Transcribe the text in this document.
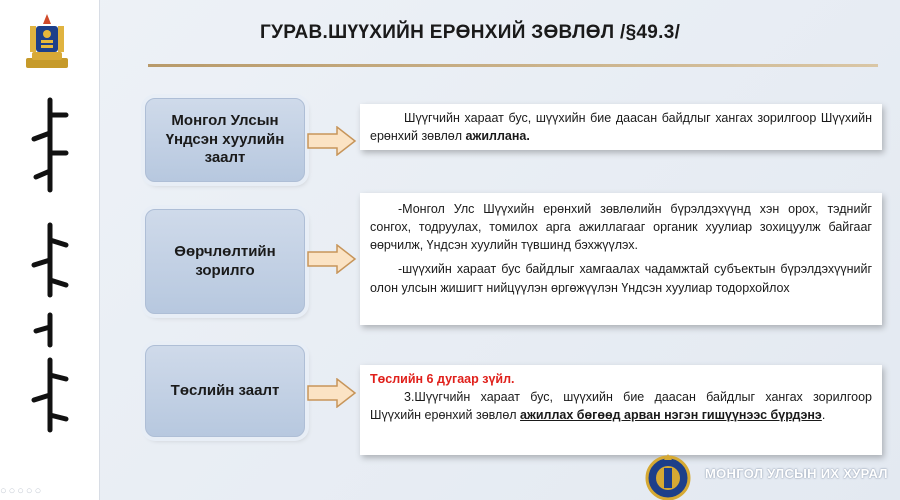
○○○○○
ГУРАВ.ШҮҮХИЙН ЕРӨНХИЙ ЗӨВЛӨЛ /§49.3/
Монгол Улсын Үндсэн хуулийн заалт
Шүүгчийн хараат бус, шүүхийн бие даасан байдлыг хангах зорилгоор Шүүхийн ерөнхий зөвлөл ажиллана.
Өөрчлөлтийн зорилго

-Монгол Улс Шүүхийн ерөнхий зөвлөлийн бүрэлдэхүүнд хэн орох, тэднийг сонгох, тодруулах, томилох арга ажиллагааг органик хуулиар зохицуулж байгааг өөрчилж, Үндсэн хуулийн түвшинд бэхжүүлэх.

-шүүхийн хараат бус байдлыг хамгаалах чадамжтай субъектын бүрэлдэхүүнийг олон улсын жишигт нийцүүлэн өргөжүүлэн Үндсэн хуулиар тодорхойлох

Төслийн заалт
Төслийн 6 дугаар зүйл.
3.Шүүгчийн хараат бус, шүүхийн бие даасан байдлыг хангах зорилгоор Шүүхийн ерөнхий зөвлөл ажиллах бөгөөд арван нэгэн гишүүнээс бүрдэнэ.
МОНГОЛ УЛСЫН ИХ ХУРАЛ
